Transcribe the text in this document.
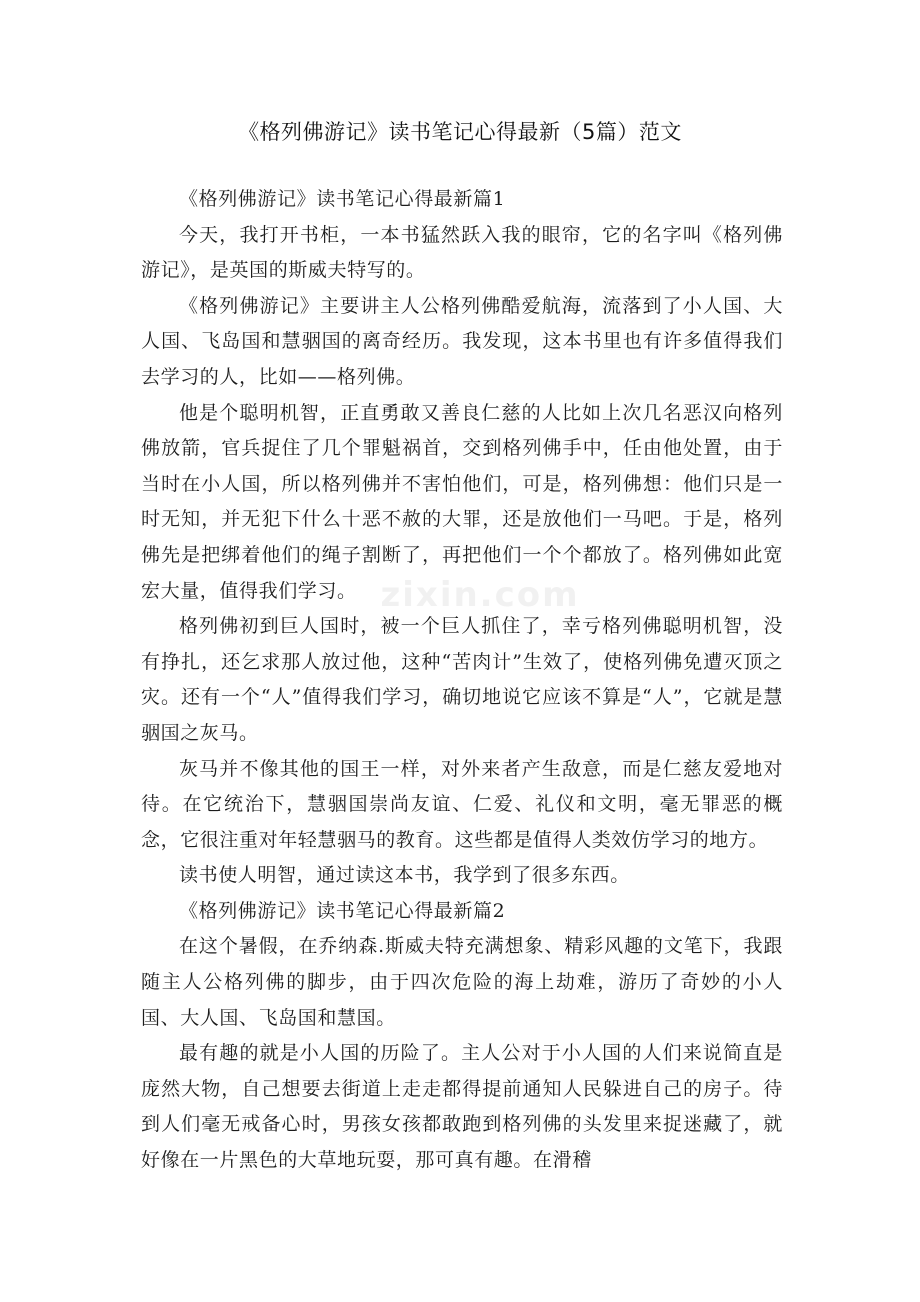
zixin.com
《格列佛游记》读书笔记心得最新（5篇）范文

《格列佛游记》读书笔记心得最新篇1

今天，我打开书柜，一本书猛然跃入我的眼帘，它的名字叫《格列佛游记》，是英国的斯威夫特写的。

《格列佛游记》主要讲主人公格列佛酷爱航海，流落到了小人国、大人国、飞岛国和慧骃国的离奇经历。我发现，这本书里也有许多值得我们去学习的人，比如——格列佛。

他是个聪明机智，正直勇敢又善良仁慈的人比如上次几名恶汉向格列佛放箭，官兵捉住了几个罪魁祸首，交到格列佛手中，任由他处置，由于当时在小人国，所以格列佛并不害怕他们，可是，格列佛想：他们只是一时无知，并无犯下什么十恶不赦的大罪，还是放他们一马吧。于是，格列佛先是把绑着他们的绳子割断了，再把他们一个个都放了。格列佛如此宽宏大量，值得我们学习。

格列佛初到巨人国时，被一个巨人抓住了，幸亏格列佛聪明机智，没有挣扎，还乞求那人放过他，这种“苦肉计”生效了，使格列佛免遭灭顶之灾。还有一个“人”值得我们学习，确切地说它应该不算是“人”，它就是慧骃国之灰马。

灰马并不像其他的国王一样，对外来者产生敌意，而是仁慈友爱地对待。在它统治下，慧骃国崇尚友谊、仁爱、礼仪和文明，毫无罪恶的概念，它很注重对年轻慧骃马的教育。这些都是值得人类效仿学习的地方。

读书使人明智，通过读这本书，我学到了很多东西。

《格列佛游记》读书笔记心得最新篇2

在这个暑假，在乔纳森.斯威夫特充满想象、精彩风趣的文笔下，我跟随主人公格列佛的脚步，由于四次危险的海上劫难，游历了奇妙的小人国、大人国、飞岛国和慧国。

最有趣的就是小人国的历险了。主人公对于小人国的人们来说简直是庞然大物，自己想要去街道上走走都得提前通知人民躲进自己的房子。待到人们毫无戒备心时，男孩女孩都敢跑到格列佛的头发里来捉迷藏了，就好像在一片黑色的大草地玩耍，那可真有趣。在滑稽
